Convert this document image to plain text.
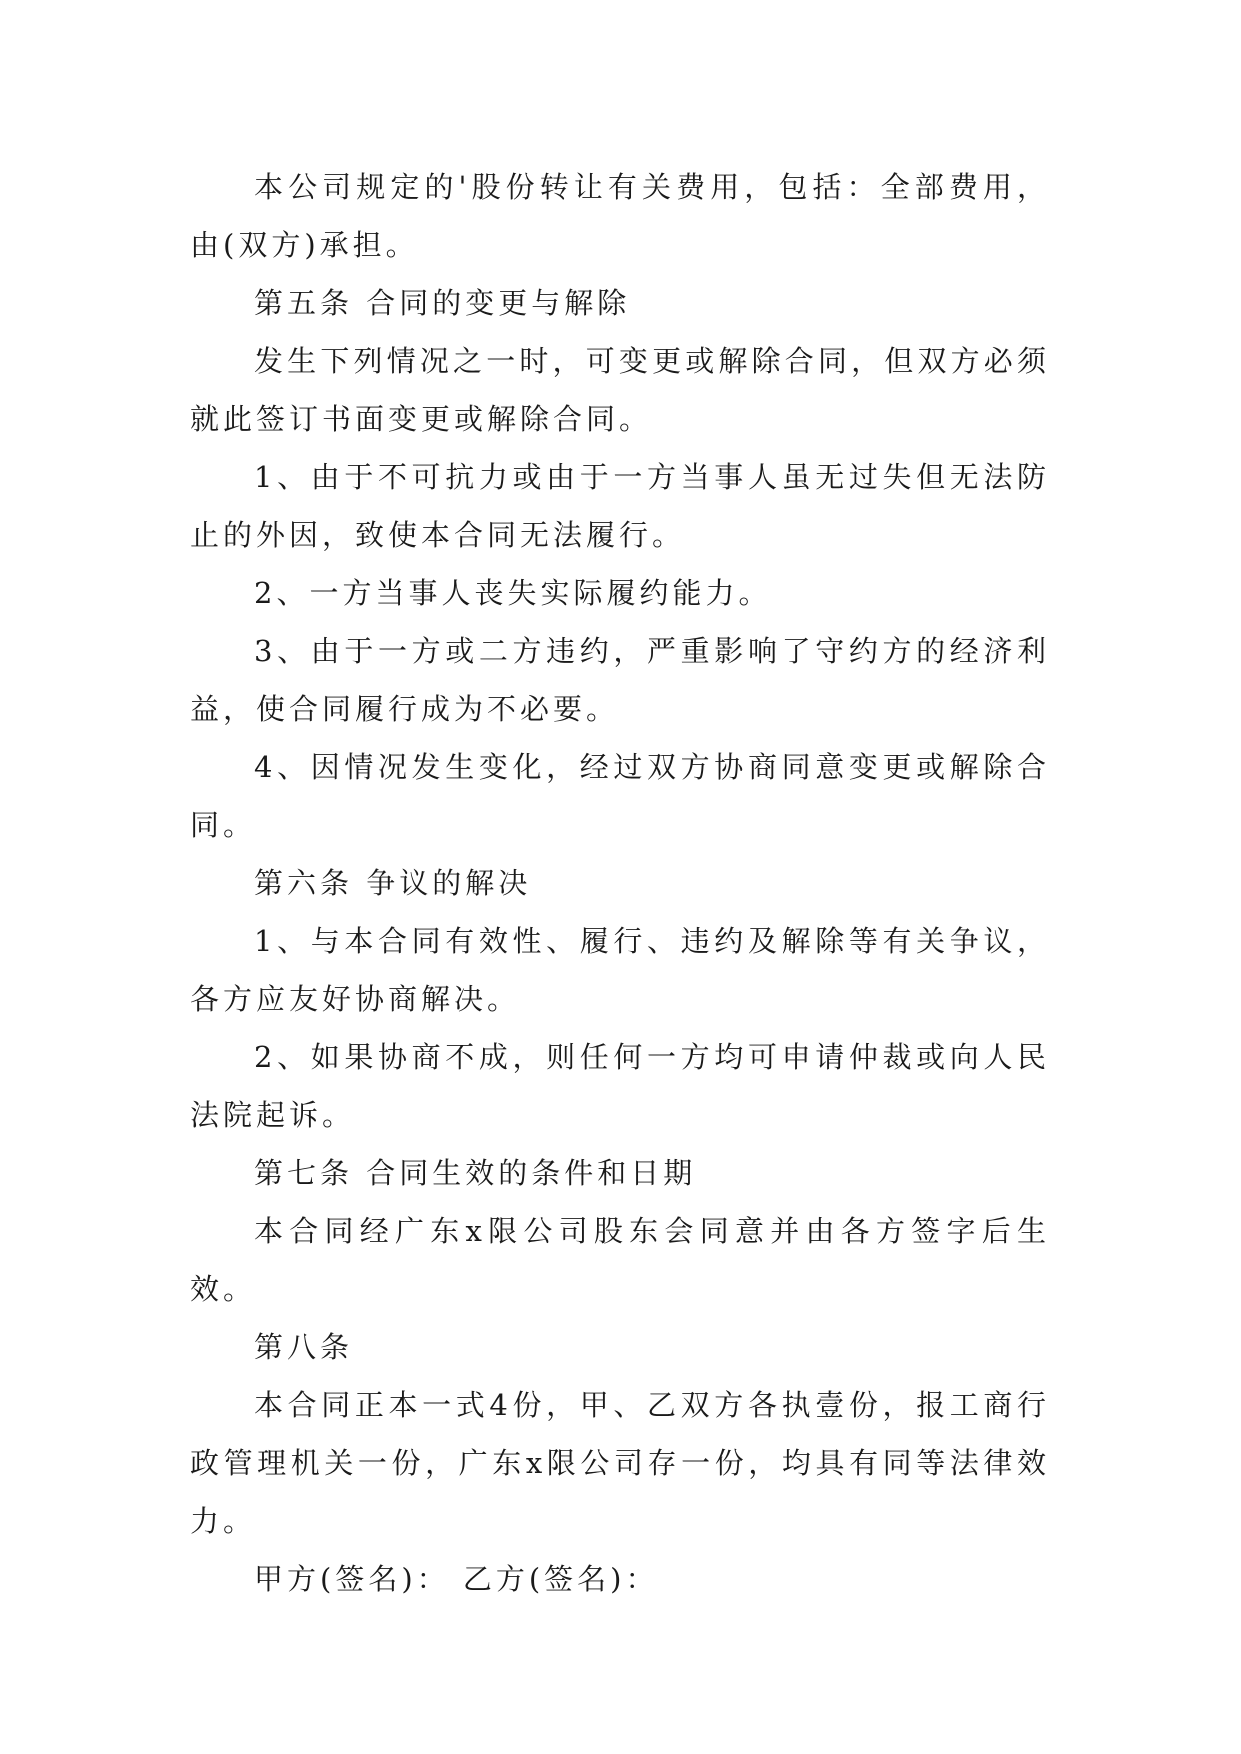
本公司规定的'股份转让有关费用，包括：全部费用，由(双方)承担。

第五条 合同的变更与解除

发生下列情况之一时，可变更或解除合同，但双方必须就此签订书面变更或解除合同。

1、由于不可抗力或由于一方当事人虽无过失但无法防止的外因，致使本合同无法履行。

2、一方当事人丧失实际履约能力。

3、由于一方或二方违约，严重影响了守约方的经济利益，使合同履行成为不必要。

4、因情况发生变化，经过双方协商同意变更或解除合同。

第六条 争议的解决

1、与本合同有效性、履行、违约及解除等有关争议，各方应友好协商解决。

2、如果协商不成，则任何一方均可申请仲裁或向人民法院起诉。

第七条 合同生效的条件和日期

本合同经广东x限公司股东会同意并由各方签字后生效。

第八条

本合同正本一式4份，甲、乙双方各执壹份，报工商行政管理机关一份，广东x限公司存一份，均具有同等法律效力。

甲方(签名)： 乙方(签名)：
